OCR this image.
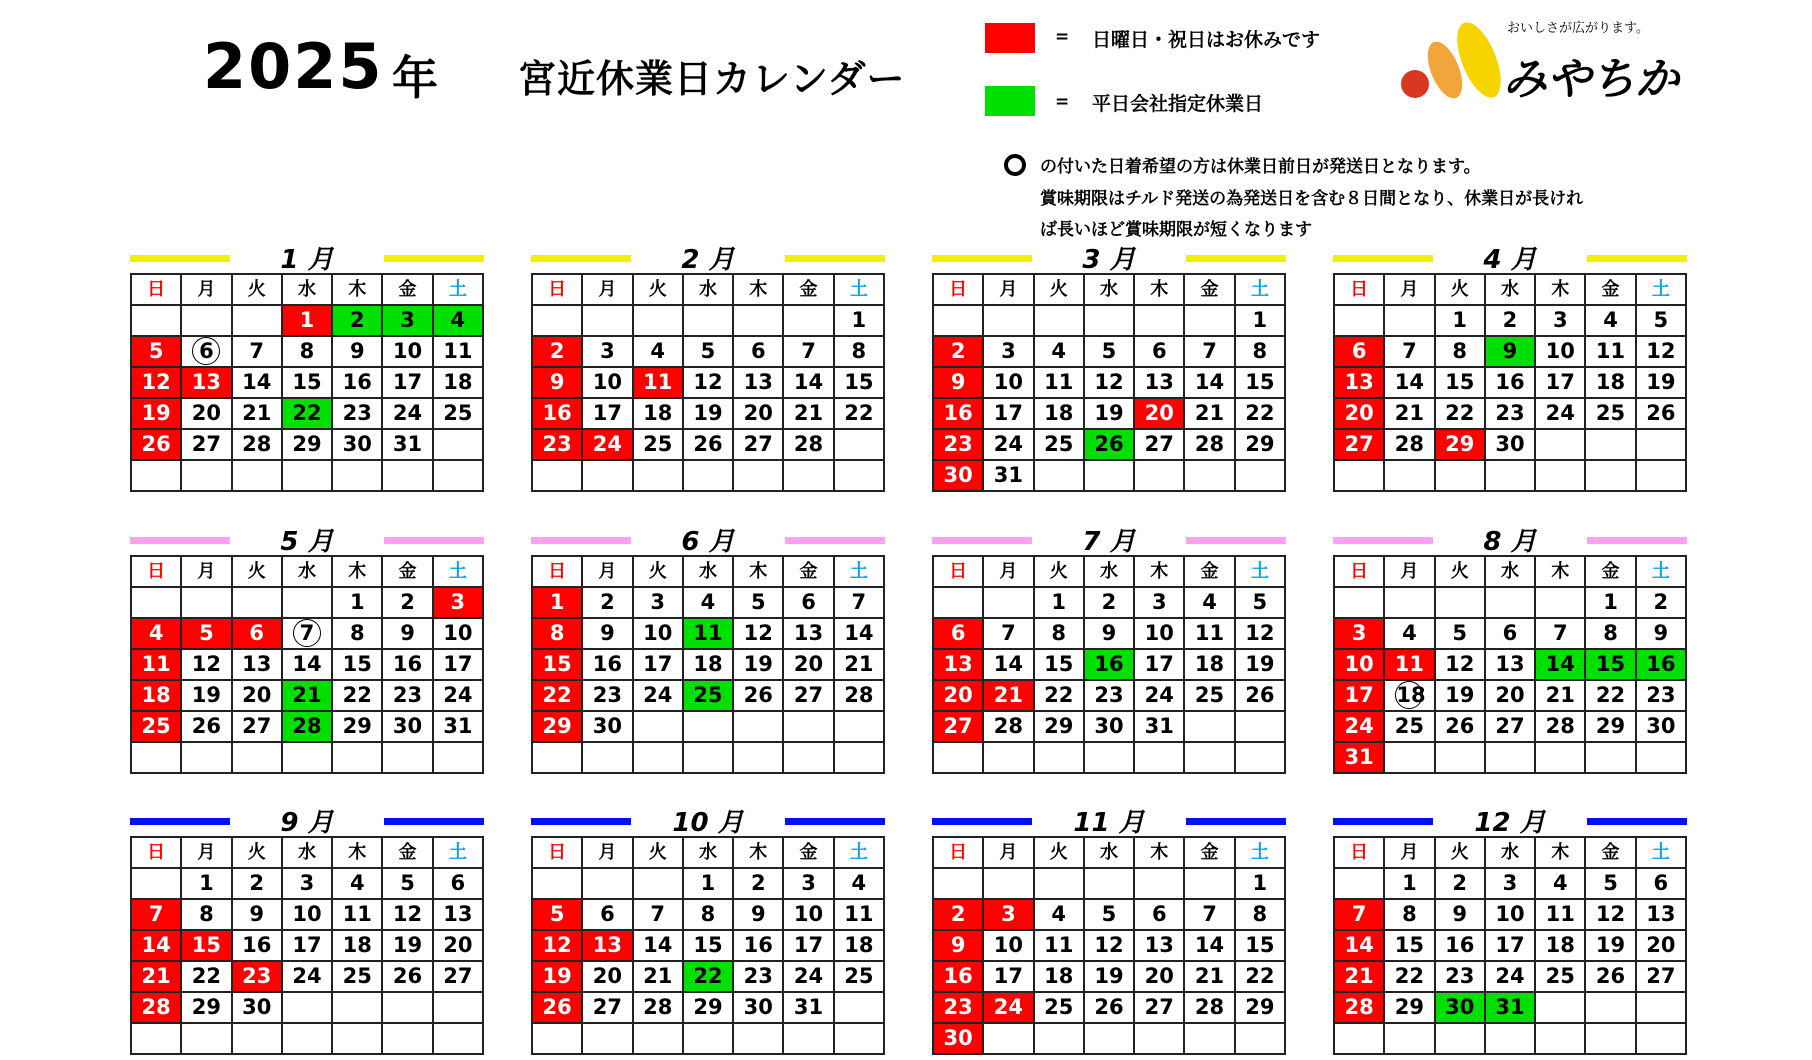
2025 年 宮近休業日カレンダー
= 日曜日・祝日はお休みです
= 平日会社指定休業日
おいしさが広がります。
みやちか
の付いた日着希望の方は休業日前日が発送日となります。
賞味期限はチルド発送の為発送日を含む８日間となり、休業日が長けれ
ば長いほど賞味期限が短くなります
1 月
日	月	火	水	木	金	土
			1	2	3	4
5	6	7	8	9	10	11
12	13	14	15	16	17	18
19	20	21	22	23	24	25
26	27	28	29	30	31	

2 月
日	月	火	水	木	金	土
						1
2	3	4	5	6	7	8
9	10	11	12	13	14	15
16	17	18	19	20	21	22
23	24	25	26	27	28	

3 月
日	月	火	水	木	金	土
						1
2	3	4	5	6	7	8
9	10	11	12	13	14	15
16	17	18	19	20	21	22
23	24	25	26	27	28	29
30	31					
4 月
日	月	火	水	木	金	土
		1	2	3	4	5
6	7	8	9	10	11	12
13	14	15	16	17	18	19
20	21	22	23	24	25	26
27	28	29	30			

5 月
日	月	火	水	木	金	土
				1	2	3
4	5	6	7	8	9	10
11	12	13	14	15	16	17
18	19	20	21	22	23	24
25	26	27	28	29	30	31

6 月
日	月	火	水	木	金	土
1	2	3	4	5	6	7
8	9	10	11	12	13	14
15	16	17	18	19	20	21
22	23	24	25	26	27	28
29	30					

7 月
日	月	火	水	木	金	土
		1	2	3	4	5
6	7	8	9	10	11	12
13	14	15	16	17	18	19
20	21	22	23	24	25	26
27	28	29	30	31		

8 月
日	月	火	水	木	金	土
					1	2
3	4	5	6	7	8	9
10	11	12	13	14	15	16
17	18	19	20	21	22	23
24	25	26	27	28	29	30
31						
9 月
日	月	火	水	木	金	土
	1	2	3	4	5	6
7	8	9	10	11	12	13
14	15	16	17	18	19	20
21	22	23	24	25	26	27
28	29	30				

10 月
日	月	火	水	木	金	土
			1	2	3	4
5	6	7	8	9	10	11
12	13	14	15	16	17	18
19	20	21	22	23	24	25
26	27	28	29	30	31	

11 月
日	月	火	水	木	金	土
						1
2	3	4	5	6	7	8
9	10	11	12	13	14	15
16	17	18	19	20	21	22
23	24	25	26	27	28	29
30						
12 月
日	月	火	水	木	金	土
	1	2	3	4	5	6
7	8	9	10	11	12	13
14	15	16	17	18	19	20
21	22	23	24	25	26	27
28	29	30	31			
